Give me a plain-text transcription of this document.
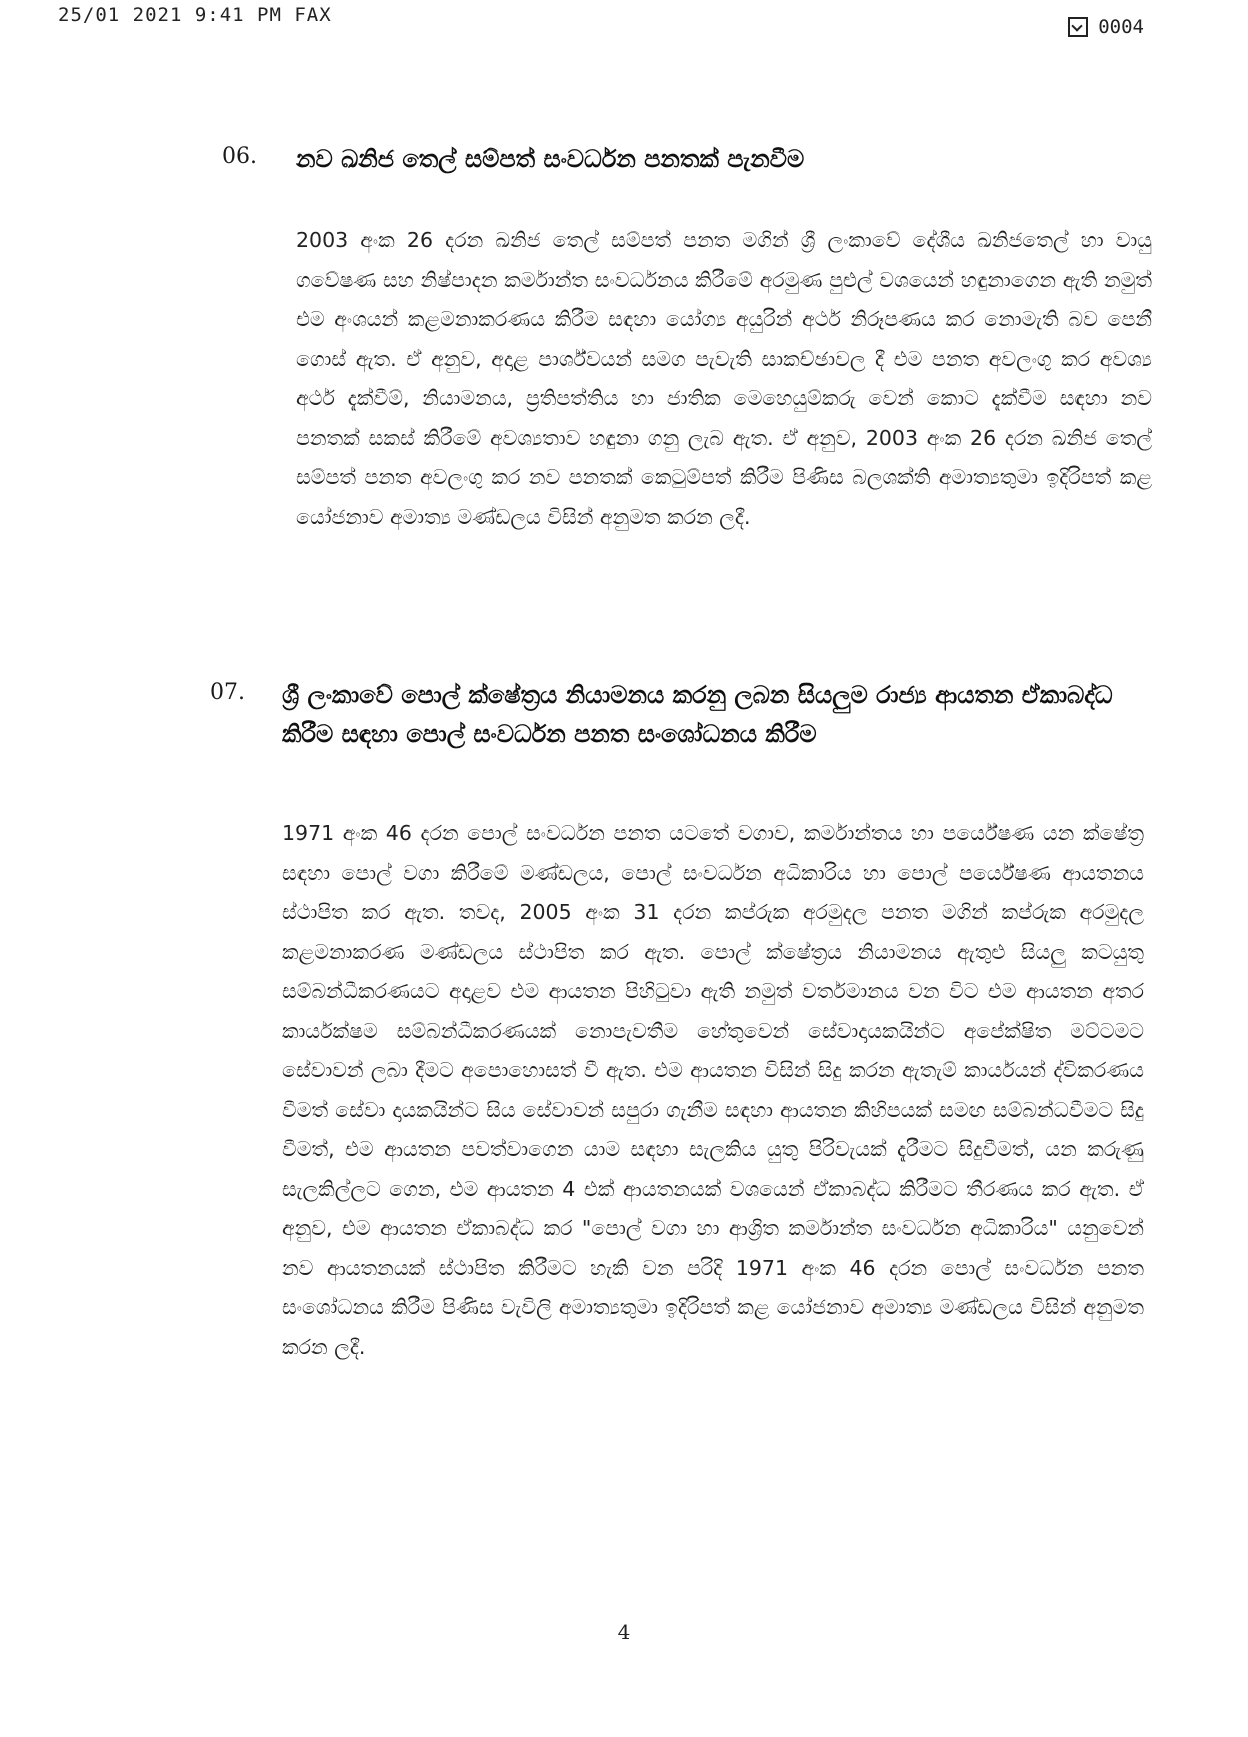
25/01 2021 9:41 PM FAX
0004
06. නව ඛනිජ තෙල් සම්පත් සංවර්ධන පනතක් පැනවීම
2003 අංක 26 දරන ඛනිජ තෙල් සම්පත් පනත මගින් ශ්‍රී ලංකාවේ දේශීය ඛනිජතෙල් හා වායු ගවේෂණ සහ නිෂ්පාදන කර්මාන්ත සංවර්ධනය කිරීමේ අරමුණ පුළුල් වශයෙන් හඳුනාගෙන ඇති නමුත් එම අංශයන් කළමනාකරණය කිරීම සඳහා යෝග්‍ය අයුරින් අර්ථ නිරූපණය කර නොමැති බව පෙනී ගොස් ඇත. ඒ අනුව, අදාළ පාර්ශ්වයන් සමග පැවැති සාකච්ඡාවල දී එම පනත අවලංගු කර අවශ්‍ය අර්ථ දැක්වීම්, නියාමනය, ප්‍රතිපත්තිය හා ජාතික මෙහෙයුම්කරු වෙන් කොට දැක්වීම සඳහා නව පනතක් සකස් කිරීමේ අවශ්‍යතාව හඳුනා ගනු ලැබ ඇත. ඒ අනුව, 2003 අංක 26 දරන ඛනිජ තෙල් සම්පත් පනත අවලංගු කර නව පනතක් කෙටුම්පත් කිරීම පිණිස බලශක්ති අමාත්‍යතුමා ඉදිරිපත් කළ යෝජනාව අමාත්‍ය මණ්ඩලය විසින් අනුමත කරන ලදී.
07. ශ්‍රී ලංකාවේ පොල් ක්ෂේත්‍රය නියාමනය කරනු ලබන සියලුම රාජ්‍ය ආයතන ඒකාබද්ධ කිරීම සඳහා පොල් සංවර්ධන පනත සංශෝධනය කිරීම
1971 අංක 46 දරන පොල් සංවර්ධන පනත යටතේ වගාව, කර්මාන්තය හා පර්යේෂණ යන ක්ෂේත්‍ර සඳහා පොල් වගා කිරීමේ මණ්ඩලය, පොල් සංවර්ධන අධිකාරිය හා පොල් පර්යේෂණ ආයතනය ස්ථාපිත කර ඇත. තවද, 2005 අංක 31 දරන කප්රුක අරමුදල පනත මගින් කප්රුක අරමුදල කළමනාකරණ මණ්ඩලය ස්ථාපිත කර ඇත. පොල් ක්ෂේත්‍රය නියාමනය ඇතුළු සියලු කටයුතු සම්බන්ධීකරණයට අදාළව එම ආයතන පිහිටුවා ඇති නමුත් වර්තමානය වන විට එම ආයතන අතර කාර්යක්ෂම සම්බන්ධීකරණයක් නොපැවතීම හේතුවෙන් සේවාදායකයින්ට අපේක්ෂිත මට්ටමට සේවාවන් ලබා දීමට අපොහොසත් වී ඇත. එම ආයතන විසින් සිදු කරන ඇතැම් කාර්යයන් ද්විකරණය වීමත් සේවා දායකයින්ට සිය සේවාවන් සපුරා ගැනීම සඳහා ආයතන කිහිපයක් සමඟ සම්බන්ධවීමට සිදු වීමත්, එම ආයතන පවත්වාගෙන යාම සඳහා සැලකිය යුතු පිරිවැයක් දැරීමට සිදුවීමත්, යන කරුණු සැලකිල්ලට ගෙන, එම ආයතන 4 එක් ආයතනයක් වශයෙන් ඒකාබද්ධ කිරීමට තීරණය කර ඇත. ඒ අනුව, එම ආයතන ඒකාබද්ධ කර "පොල් වගා හා ආශ්‍රිත කර්මාන්ත සංවර්ධන අධිකාරිය" යනුවෙන් නව ආයතනයක් ස්ථාපිත කිරීමට හැකි වන පරිදි 1971 අංක 46 දරන පොල් සංවර්ධන පනත සංශෝධනය කිරීම පිණිස වැවිලි අමාත්‍යතුමා ඉදිරිපත් කළ යෝජනාව අමාත්‍ය මණ්ඩලය විසින් අනුමත කරන ලදී.
4
